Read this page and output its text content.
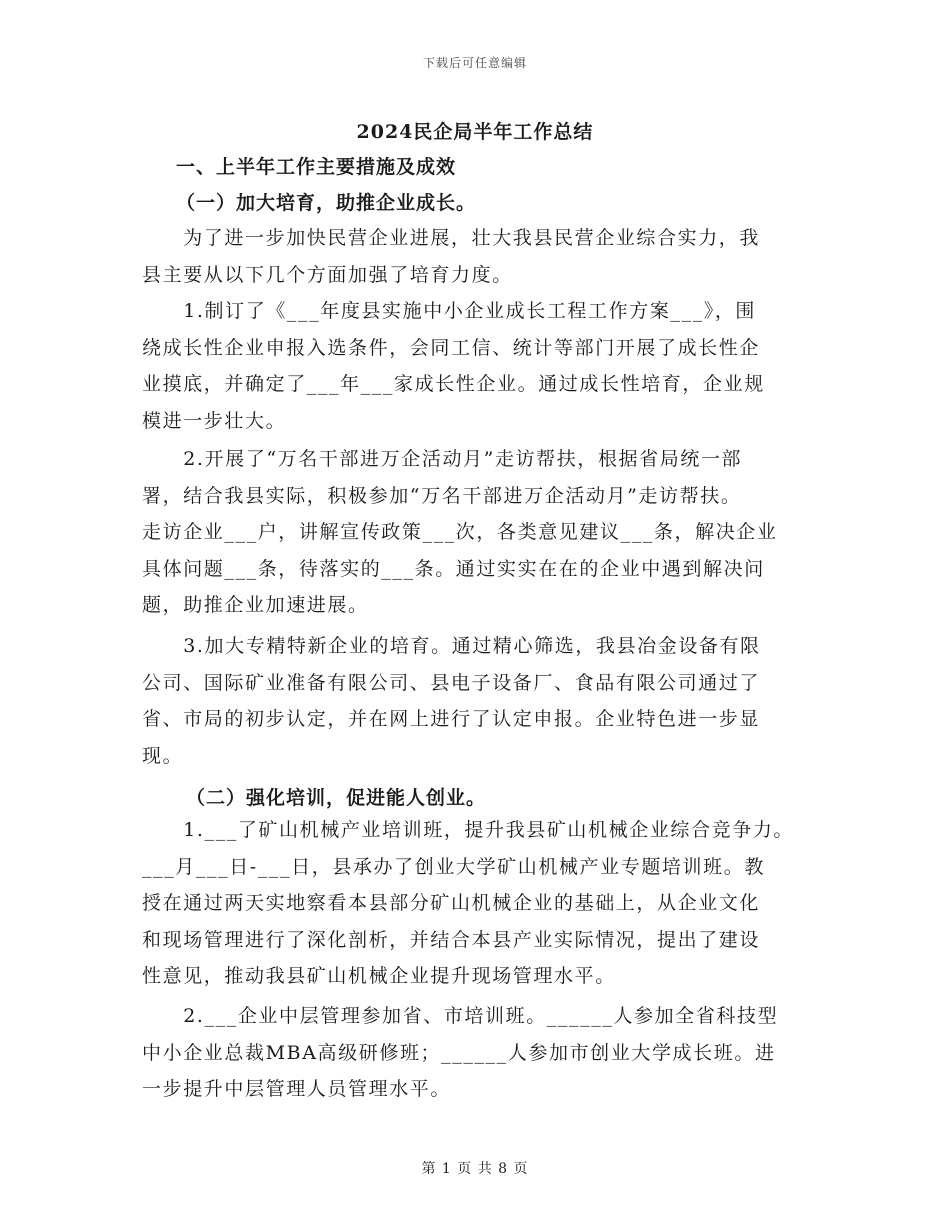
下载后可任意编辑
2024民企局半年工作总结
一、上半年工作主要措施及成效
（一）加大培育，助推企业成长。
　　为了进一步加快民营企业进展，壮大我县民营企业综合实力，我
县主要从以下几个方面加强了培育力度。
　　1.制订了《___年度县实施中小企业成长工程工作方案___》，围
绕成长性企业申报入选条件，会同工信、统计等部门开展了成长性企
业摸底，并确定了___年___家成长性企业。通过成长性培育，企业规
模进一步壮大。
　　2.开展了“万名干部进万企活动月”走访帮扶，根据省局统一部
署，结合我县实际，积极参加“万名干部进万企活动月”走访帮扶。
走访企业___户，讲解宣传政策___次，各类意见建议___条，解决企业
具体问题___条，待落实的___条。通过实实在在的企业中遇到解决问
题，助推企业加速进展。
　　3.加大专精特新企业的培育。通过精心筛选，我县冶金设备有限
公司、国际矿业准备有限公司、县电子设备厂、食品有限公司通过了
省、市局的初步认定，并在网上进行了认定申报。企业特色进一步显
现。
（二）强化培训，促进能人创业。
　　1.___了矿山机械产业培训班，提升我县矿山机械企业综合竞争力。
___月___日-___日，县承办了创业大学矿山机械产业专题培训班。教
授在通过两天实地察看本县部分矿山机械企业的基础上，从企业文化
和现场管理进行了深化剖析，并结合本县产业实际情况，提出了建设
性意见，推动我县矿山机械企业提升现场管理水平。
　　2.___企业中层管理参加省、市培训班。______人参加全省科技型
中小企业总裁MBA高级研修班；______人参加市创业大学成长班。进
一步提升中层管理人员管理水平。
第 1 页 共 8 页
